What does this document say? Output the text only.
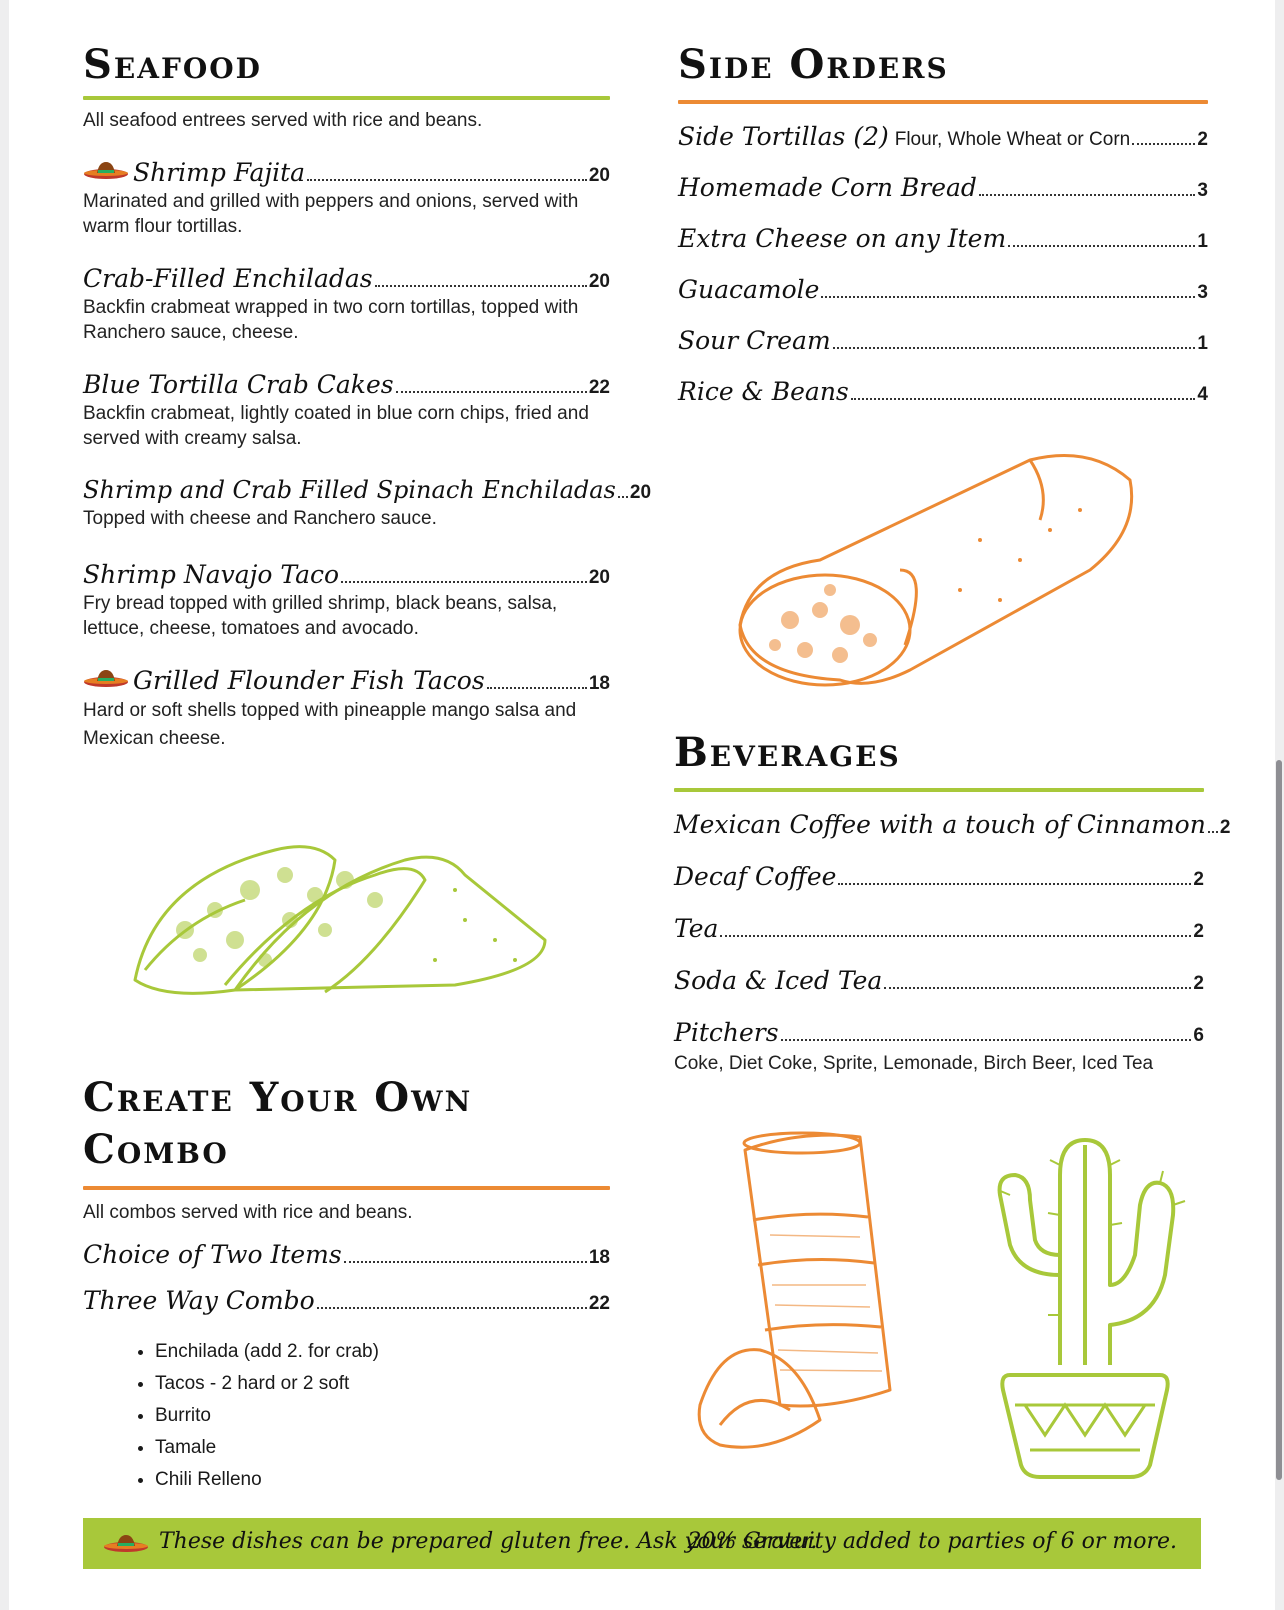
Seafood
All seafood entrees served with rice and beans.
Shrimp Fajita	20
Marinated and grilled with peppers and onions, served with warm flour tortillas.
Crab-Filled Enchiladas	20
Backfin crabmeat wrapped in two corn tortillas, topped with Ranchero sauce, cheese.
Blue Tortilla Crab Cakes	22
Backfin crabmeat, lightly coated in blue corn chips, fried and served with creamy salsa.
Shrimp and Crab Filled Spinach Enchiladas 20
Topped with cheese and Ranchero sauce.
Shrimp Navajo Taco	20
Fry bread topped with grilled shrimp, black beans, salsa, lettuce, cheese, tomatoes and avocado.
Grilled Flounder Fish Tacos	18
Hard or soft shells topped with pineapple mango salsa and Mexican cheese.
Create Your Own
Combo
All combos served with rice and beans.
Choice of Two Items	18
Three Way Combo	22
• Enchilada (add 2. for crab)
• Tacos - 2 hard or 2 soft
• Burrito
• Tamale
• Chili Relleno
Side Orders
Side Tortillas (2) Flour, Whole Wheat or Corn	2
Homemade Corn Bread	3
Extra Cheese on any Item	1
Guacamole	3
Sour Cream	1
Rice & Beans	4
Beverages
Mexican Coffee with a touch of Cinnamon 2
Decaf Coffee	2
Tea	2
Soda & Iced Tea	2
Pitchers	6
Coke, Diet Coke, Sprite, Lemonade, Birch Beer, Iced Tea
These dishes can be prepared gluten free. Ask your server.
20% Gratuity added to parties of 6 or more.
